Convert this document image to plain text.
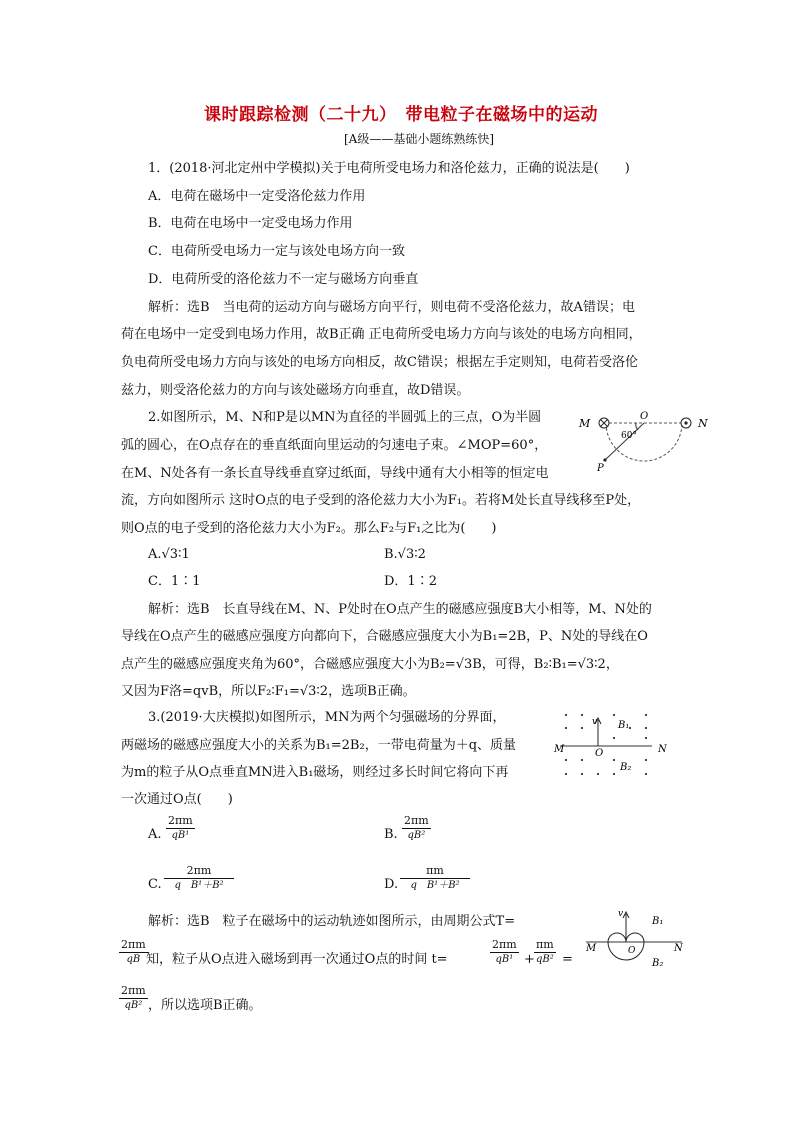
课时跟踪检测（二十九）　带电粒子在磁场中的运动
[A级——基础小题练熟练快]
1．(2018·河北定州中学模拟)关于电荷所受电场力和洛伦兹力，正确的说法是(　　)
A．电荷在磁场中一定受洛伦兹力作用
B．电荷在电场中一定受电场力作用
C．电荷所受电场力一定与该处电场方向一致
D．电荷所受的洛伦兹力不一定与磁场方向垂直
解析：选B　当电荷的运动方向与磁场方向平行，则电荷不受洛伦兹力，故A错误；电
荷在电场中一定受到电场力作用，故B正确 正电荷所受电场力方向与该处的电场方向相同，
负电荷所受电场力方向与该处的电场方向相反，故C错误；根据左手定则知，电荷若受洛伦
兹力，则受洛伦兹力的方向与该处磁场方向垂直，故D错误。
2.如图所示，M、N和P是以MN为直径的半圆弧上的三点，O为半圆
弧的圆心，在O点存在的垂直纸面向里运动的匀速电子束。∠MOP=60°，
在M、N处各有一条长直导线垂直穿过纸面，导线中通有大小相等的恒定电
流，方向如图所示 这时O点的电子受到的洛伦兹力大小为F₁。若将M处长直导线移至P处，
则O点的电子受到的洛伦兹力大小为F₂。那么F₂与F₁之比为(　　)
M
O
N
60°
P
A.√3∶1	B.√3∶2
C．1∶1	D．1∶2
解析：选B　长直导线在M、N、P处时在O点产生的磁感应强度B大小相等，M、N处的
导线在O点产生的磁感应强度方向都向下，合磁感应强度大小为B₁=2B，P、N处的导线在O
点产生的磁感应强度夹角为60°，合磁感应强度大小为B₂=√3B，可得，B₂∶B₁=√3∶2，
又因为F洛=qvB，所以F₂∶F₁=√3∶2，选项B正确。
3.(2019·大庆模拟)如图所示，MN为两个匀强磁场的分界面，
两磁场的磁感应强度大小的关系为B₁=2B₂，一带电荷量为＋q、质量
为m的粒子从O点垂直MN进入B₁磁场，则经过多长时间它将向下再
一次通过O点(　　)
v B₁
M	O	N
B₂
A. $\frac{2\pi m}{\text{qB¹}}$	B. $\frac{2\pi m}{\text{qB²}}$
C. $\frac{2\pi m}{\text{q　B¹＋B²}}$	D. $\frac{\pi m}{\text{q　B¹＋B²}}$
解析：选B　粒子在磁场中的运动轨迹如图所示，由周期公式T=
$\frac{2\pi m}{qB}$
知，粒子从O点进入磁场到再一次通过O点的时间 t=	$\frac{2\pi m}{\text{qB¹}} + \frac{\pi m}{\text{qB²}}$ =
$\frac{2\pi m}{\text{qB²}}$ ，所以选项B正确。
v
B₁
M	O	N
B₂
